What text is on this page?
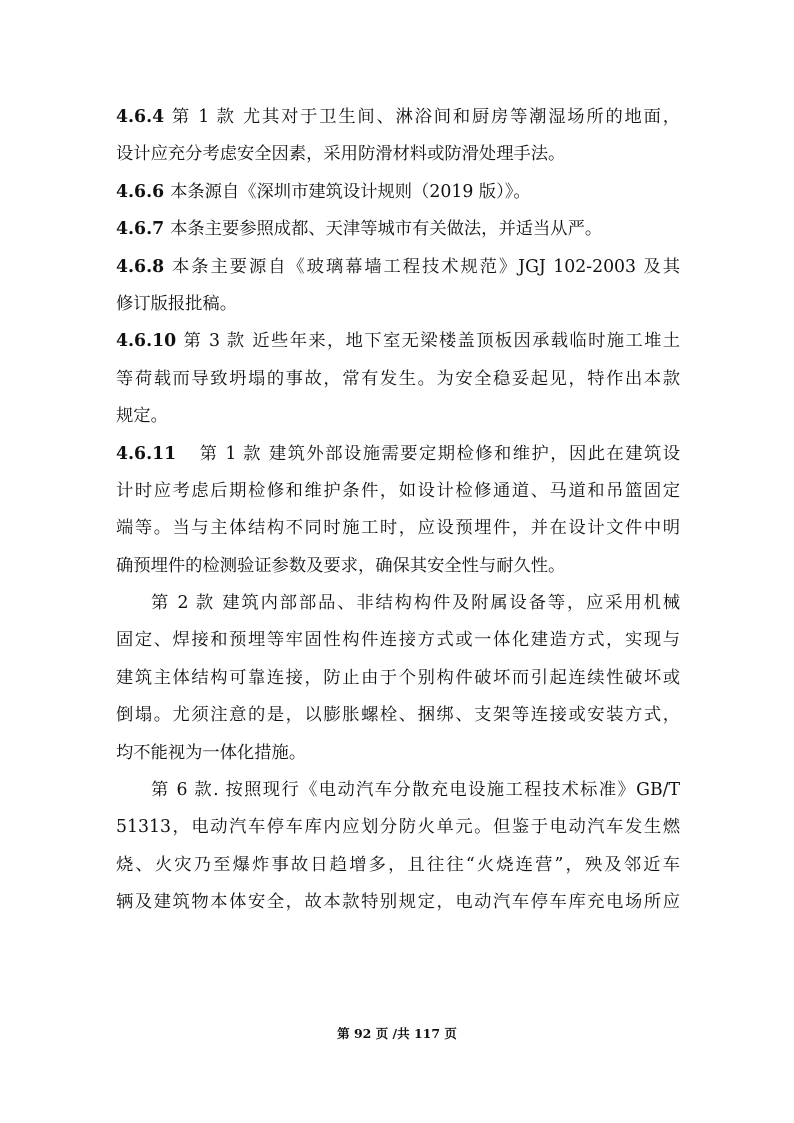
4.6.4 第 1 款 尤其对于卫生间、淋浴间和厨房等潮湿场所的地面，
设计应充分考虑安全因素，采用防滑材料或防滑处理手法。
4.6.6 本条源自《深圳市建筑设计规则（2019 版）》。
4.6.7 本条主要参照成都、天津等城市有关做法，并适当从严。
4.6.8 本条主要源自《玻璃幕墙工程技术规范》JGJ 102-2003 及其
修订版报批稿。
4.6.10 第 3 款 近些年来，地下室无梁楼盖顶板因承载临时施工堆土
等荷载而导致坍塌的事故，常有发生。为安全稳妥起见，特作出本款
规定。
4.6.11 第 1 款 建筑外部设施需要定期检修和维护，因此在建筑设
计时应考虑后期检修和维护条件，如设计检修通道、马道和吊篮固定
端等。当与主体结构不同时施工时，应设预埋件，并在设计文件中明
确预埋件的检测验证参数及要求，确保其安全性与耐久性。
第 2 款 建筑内部部品、非结构构件及附属设备等，应采用机械
固定、焊接和预埋等牢固性构件连接方式或一体化建造方式，实现与
建筑主体结构可靠连接，防止由于个别构件破坏而引起连续性破坏或
倒塌。尤须注意的是，以膨胀螺栓、捆绑、支架等连接或安装方式，
均不能视为一体化措施。
第 6 款. 按照现行《电动汽车分散充电设施工程技术标准》GB/T
51313，电动汽车停车库内应划分防火单元。但鉴于电动汽车发生燃
烧、火灾乃至爆炸事故日趋增多，且往往“火烧连营”，殃及邻近车
辆及建筑物本体安全，故本款特别规定，电动汽车停车库充电场所应
第 92 页 /共 117 页
